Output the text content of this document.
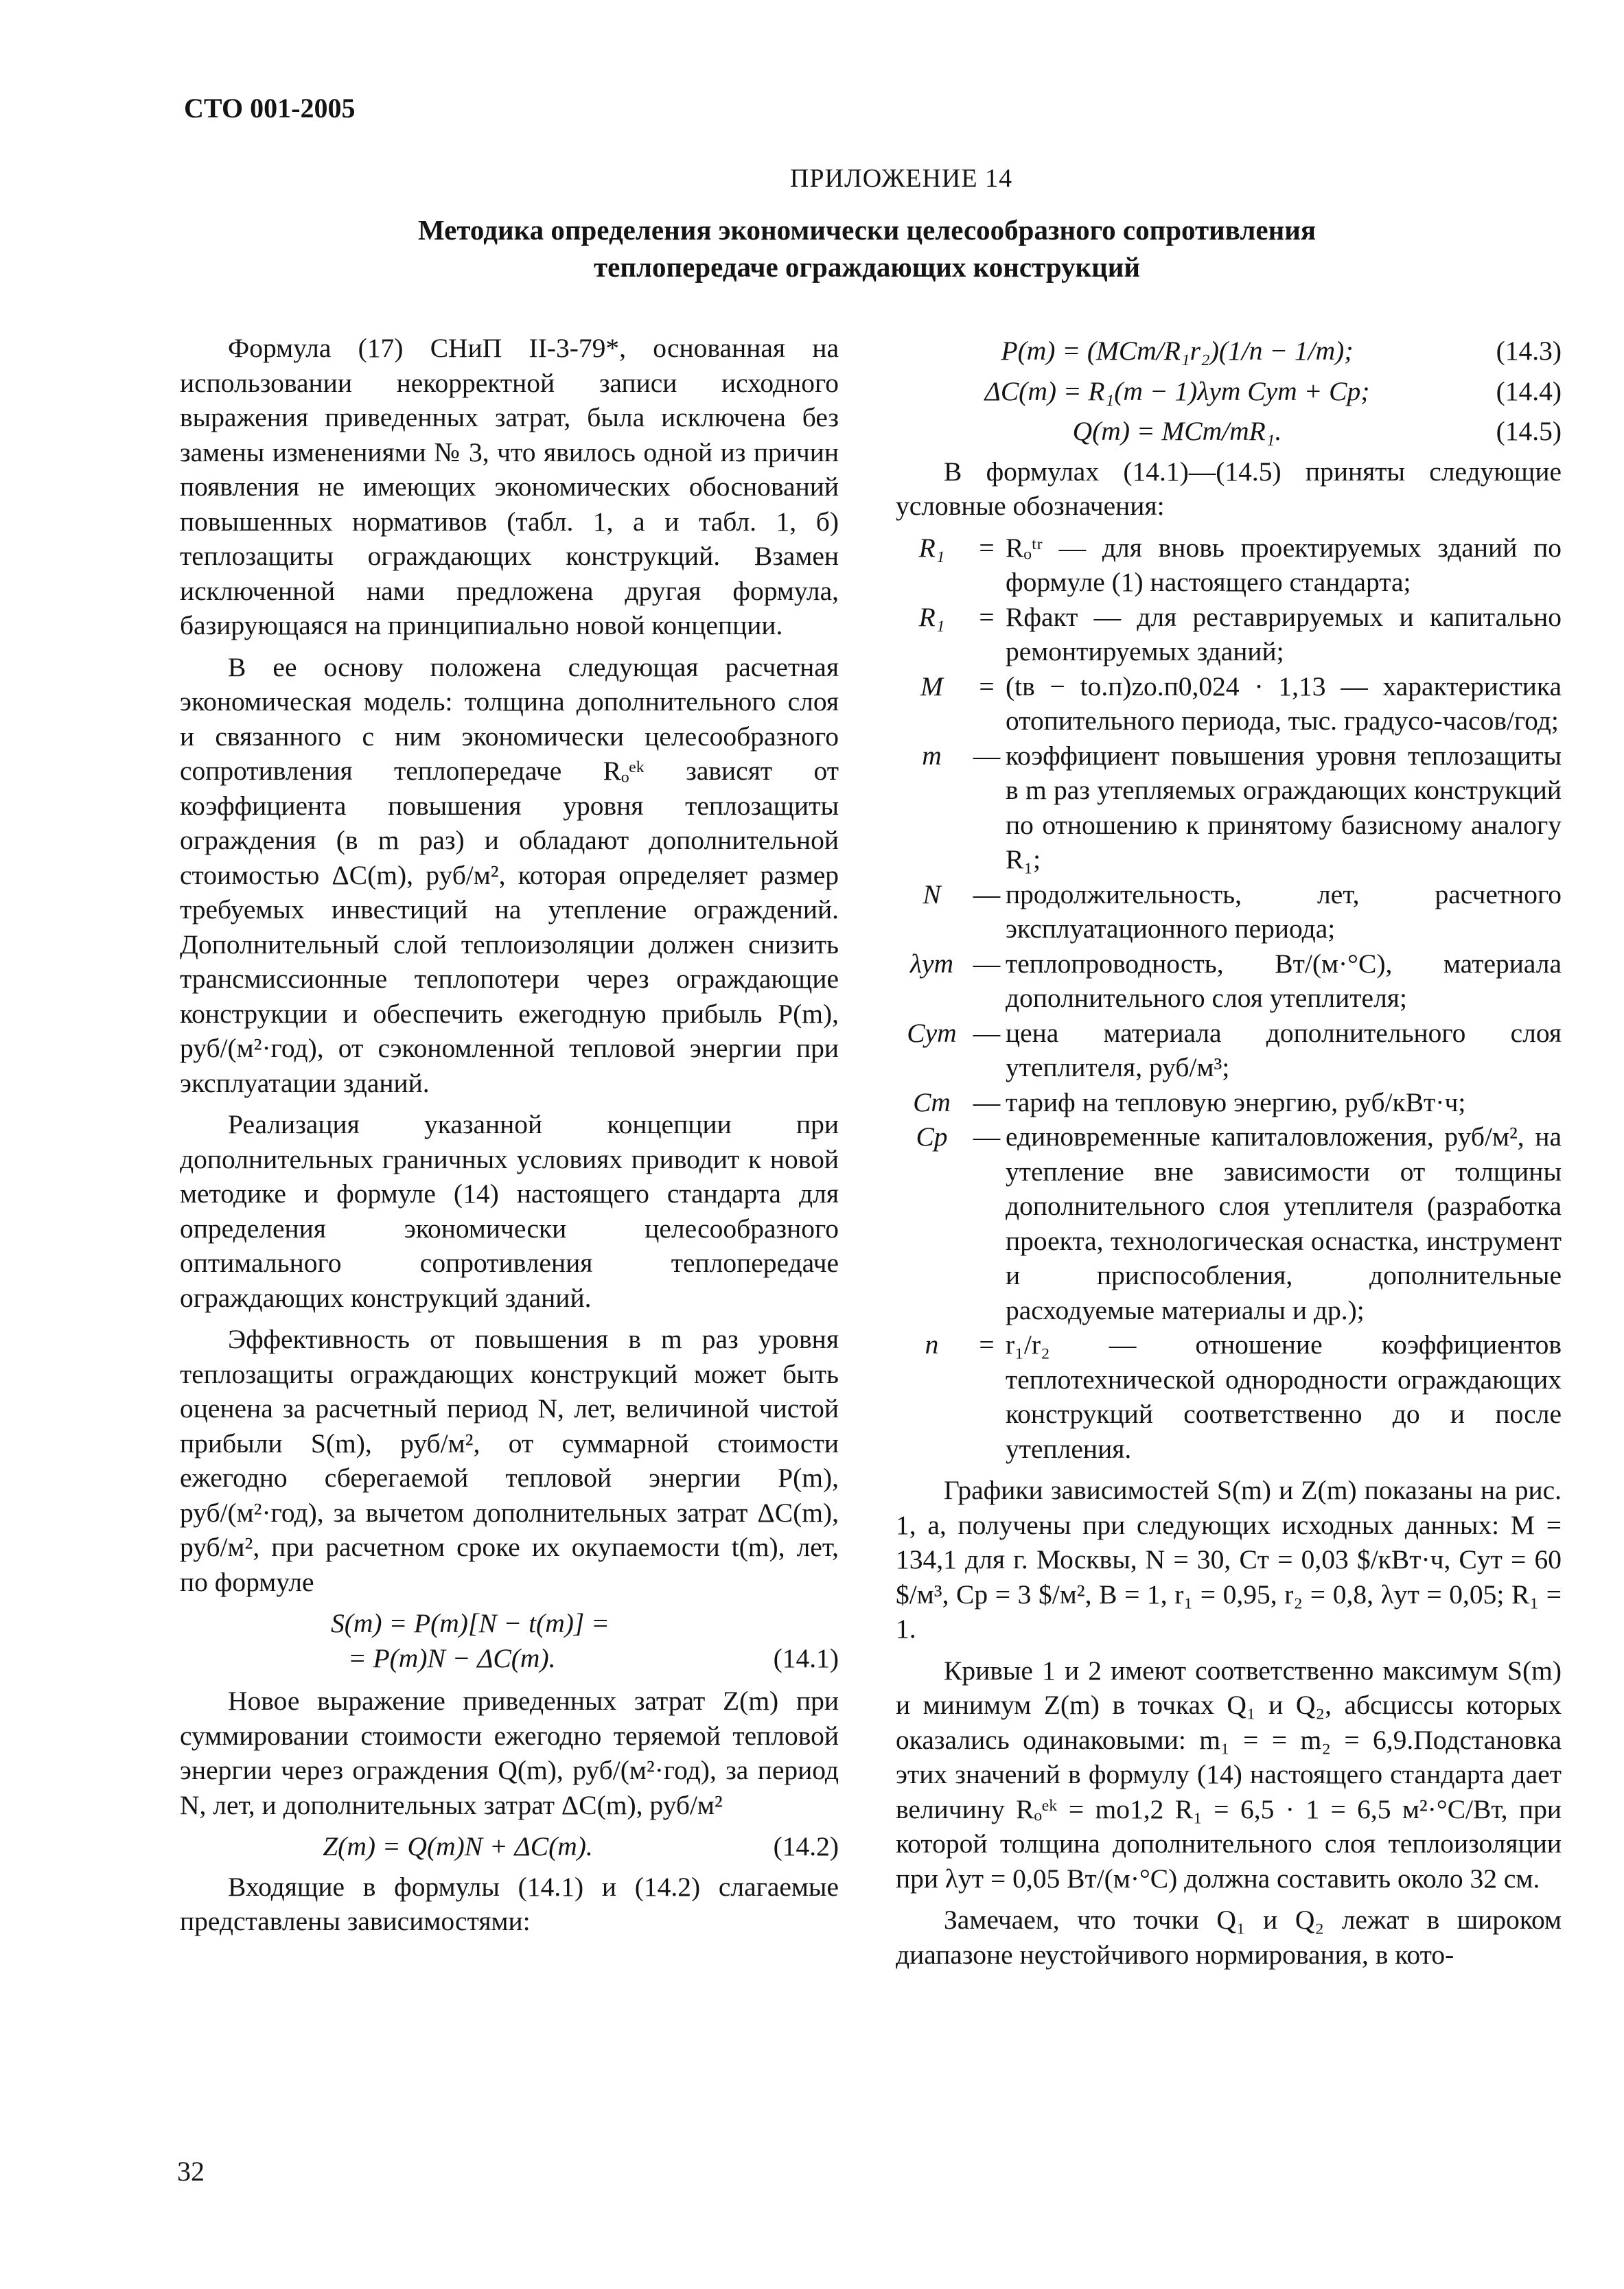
СТО 001-2005
ПРИЛОЖЕНИЕ 14
Методика определения экономически целесообразного сопротивления
теплопередаче ограждающих конструкций

Формула (17) СНиП II-3-79*, основанная на использовании некорректной записи исходного выражения приведенных затрат, была исключена без замены изменениями № 3, что явилось одной из причин появления не имеющих экономических обоснований повышенных нормативов (табл. 1, а и табл. 1, б) теплозащиты ограждающих конструкций. Взамен исключенной нами предложена другая формула, базирующаяся на принципиально новой концепции.

В ее основу положена следующая расчетная экономическая модель: толщина дополнительного слоя и связанного с ним экономически целесообразного сопротивления теплопередаче Rₒᵉᵏ зависят от коэффициента повышения уровня теплозащиты ограждения (в m раз) и обладают дополнительной стоимостью ΔC(m), руб/м², которая определяет размер требуемых инвестиций на утепление ограждений. Дополнительный слой теплоизоляции должен снизить трансмиссионные теплопотери через ограждающие конструкции и обеспечить ежегодную прибыль P(m), руб/(м²·год), от сэкономленной тепловой энергии при эксплуатации зданий.

Реализация указанной концепции при дополнительных граничных условиях приводит к новой методике и формуле (14) настоящего стандарта для определения экономически целесообразного оптимального сопротивления теплопередаче ограждающих конструкций зданий.

Эффективность от повышения в m раз уровня теплозащиты ограждающих конструкций может быть оценена за расчетный период N, лет, величиной чистой прибыли S(m), руб/м², от суммарной стоимости ежегодно сберегаемой тепловой энергии P(m), руб/(м²·год), за вычетом дополнительных затрат ΔC(m), руб/м², при расчетном сроке их окупаемости t(m), лет, по формуле

S(m) = P(m)[N − t(m)] =
= P(m)N − ΔC(m).	(14.1)

Новое выражение приведенных затрат Z(m) при суммировании стоимости ежегодно теряемой тепловой энергии через ограждения Q(m), руб/(м²·год), за период N, лет, и дополнительных затрат ΔC(m), руб/м²

Z(m) = Q(m)N + ΔC(m).	(14.2)

Входящие в формулы (14.1) и (14.2) слагаемые представлены зависимостями:

P(m) = (MCт/R₁r₂)(1/n − 1/m);	(14.3)
ΔC(m) = R₁(m − 1)λут Cут + Cр;	(14.4)
Q(m) = MCт/mR₁.	(14.5)

В формулах (14.1)—(14.5) приняты следующие условные обозначения:

R₁	= Rₒᵗʳ — для вновь проектируемых зданий по формуле (1) настоящего стандарта;
R₁	= Rфакт — для реставрируемых и капитально ремонтируемых зданий;
M	= (tв − tо.п)zо.п0,024 · 1,13 — характеристика отопительного периода, тыс. градусо-часов/год;
m	— коэффициент повышения уровня теплозащиты в m раз утепляемых ограждающих конструкций по отношению к принятому базисному аналогу R₁;
N	— продолжительность, лет, расчетного эксплуатационного периода;
λут — теплопроводность, Вт/(м·°С), материала дополнительного слоя утеплителя;
Cут — цена материала дополнительного слоя утеплителя, руб/м³;
Cт — тариф на тепловую энергию, руб/кВт·ч;
Cр — единовременные капиталовложения, руб/м², на утепление вне зависимости от толщины дополнительного слоя утеплителя (разработка проекта, технологическая оснастка, инструмент и приспособления, дополнительные расходуемые материалы и др.);
n	= r₁/r₂ — отношение коэффициентов теплотехнической однородности ограждающих конструкций соответственно до и после утепления.

Графики зависимостей S(m) и Z(m) показаны на рис. 1, а, получены при следующих исходных данных: M = 134,1 для г. Москвы, N = 30, Cт = 0,03 $/кВт·ч, Cут = 60 $/м³, Cр = 3 $/м², B = 1, r₁ = 0,95, r₂ = 0,8, λут = 0,05; R₁ = 1.

Кривые 1 и 2 имеют соответственно максимум S(m) и минимум Z(m) в точках Q₁ и Q₂, абсциссы которых оказались одинаковыми: m₁ = = m₂ = 6,9.Подстановка этих значений в формулу (14) настоящего стандарта дает величину Rₒᵉᵏ = mо1,2 R₁ = 6,5 · 1 = 6,5 м²·°С/Вт, при которой толщина дополнительного слоя теплоизоляции при λут = 0,05 Вт/(м·°С) должна составить около 32 см.

Замечаем, что точки Q₁ и Q₂ лежат в широком диапазоне неустойчивого нормирования, в кото-

32
